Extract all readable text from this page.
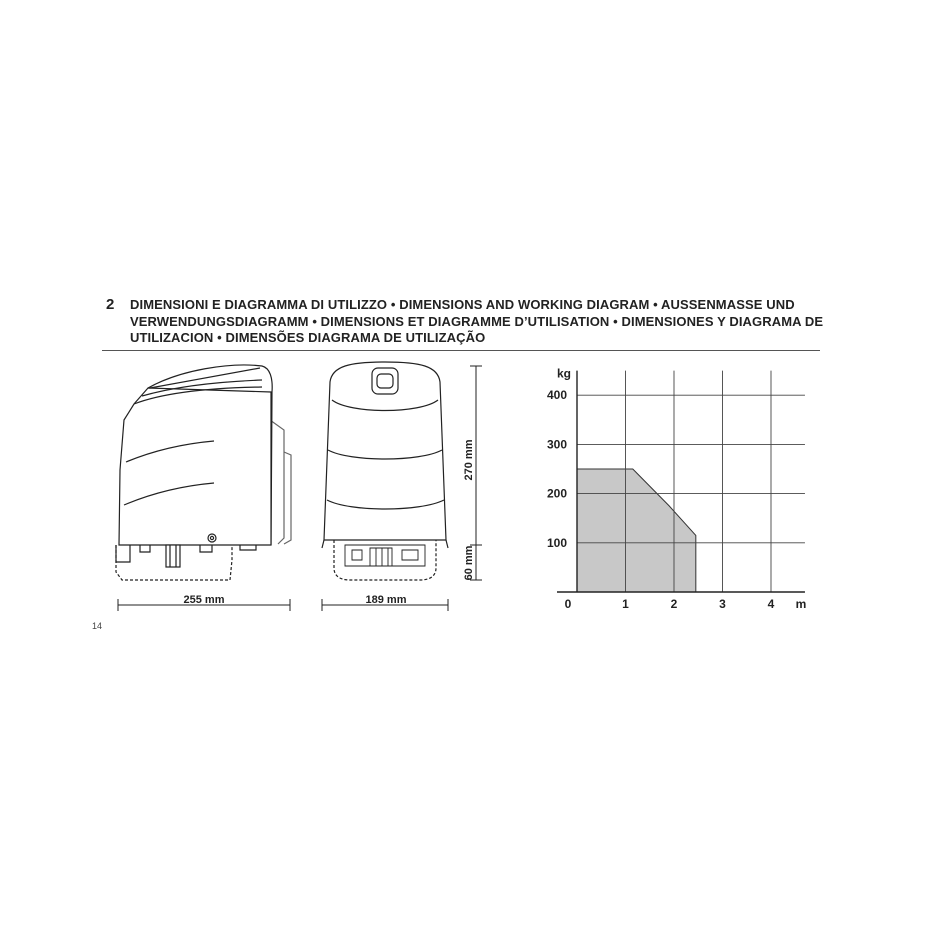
2 DIMENSIONI E DIAGRAMMA DI UTILIZZO • DIMENSIONS AND WORKING DIAGRAM • AUSSENMASSE UND
VERWENDUNGSDIAGRAMM • DIMENSIONS ET DIAGRAMME D’UTILISATION • DIMENSIONES Y DIAGRAMA DE
UTILIZACION • DIMENSÕES DIAGRAMA DE UTILIZAÇÃO
255 mm	189 mm
270 mm
60 mm
100
200
300
400
0	1	2	3	4
kg
m
14
